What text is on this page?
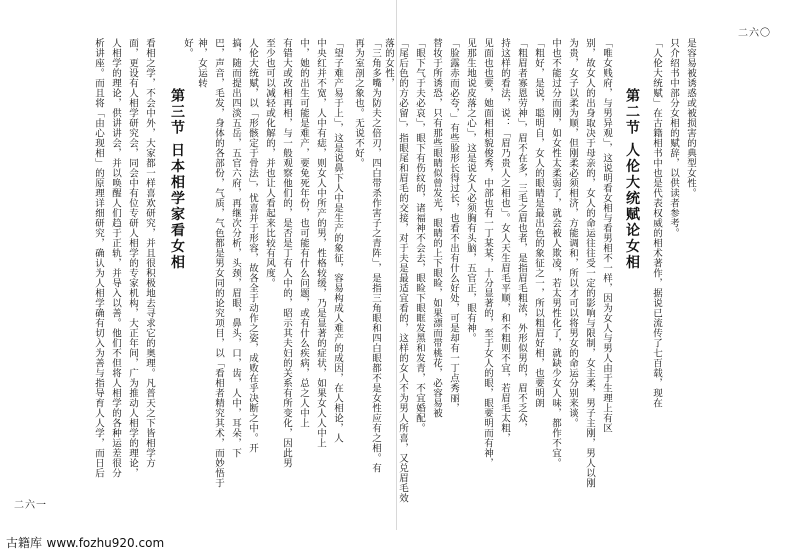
二六一
「三角多嘴为防夫之倍刃，四白带杀作害子之青阵」，是指三角眼和四白眼都不是女性应有之相。有
再为室剖之象也。无说不好。
「望子难产易于上」，这是说鼻下人中是生产的象征，容易构成人难产的成因，在人相论，人
中央红并不宽，人中有痣，则女人中所产的男，性格较缓，乃是显著的症状，如果女人人中上
中，她的出生可能是难产，要免死年份，也可能有什么问题，或有什么疾病，总之人中上
有错大或改相再相，与一般观察他们的，是否是丁有人中的，昭示其夫妇的关系有所变化，因此男
至少也可以减轻或化解的，并也让人看起来比较有风度。
人伦大统赋，以「形骸定于骨法」，忧喜并于形容，故各全于动作之姿，成败在乎决断之中。开
搞，随而提出四淡五岳，五官六府，再继次分析，头颈，眉眼，鼻头，口，齿，人中，耳朵，下
巴，声音，毛发，身体的各部份，气质，气色都是男女同的论究项目，以「看相者精究其术，而妙悟于
神，女运转好。
第三节 日本相学家看女相
看相之学，不会中外，大家都一样喜欢研究，并且很积极地去寻求它的奥理。凡普天之下皆相学方
面，更设有人相学研究会，同会中有位专研人相学的专家机构，大正年间，广为推动人相学的理论，
人相学的理论，供讲讲会，并以唤醒人们趋于正轨，并导入以善。他们不但将人相学的各种运差很分
析讲座。而且将「由心现相」的原理详细研究，确认为人相学确有切入为善与指导育人人学，而日后
二六〇
是容易被诱惑或被损害的典型女性。
只介绍书中部分女相的赋辞，以供读者参考。
「人伦大统赋」在古籍相书中也是代表权威的相术著作，据说已流传了七百载，现在
第二节 人伦大统赋论女相
「唯女贱府，与男异观」，这说明看女相与看男相不一样，因为女人与男人由于生理上有区
别，故女人的出身取决于母亲的，女人的命运往往受一定的影响与限制，女主柔，男子主刚，男人以刚
为贵，女子以柔为顺，但刚柔必须相济，方能调和，所以才可以将男女的命运分别来谈。
中也不能过分而刚，如女性太柔弱了，就会被人欺凌，若太男性化了，就缺少女人味，都作不宜。
「粗好，是说，聪明自，女人的眼睛是最出色的象征之一，所以粗眉好相，也要明朗
「粗眉者寡恩劳神」，眉不在多，三毛之眉也者，是指眉毛粗浓，外形似男的，眉不乏众，
持这样的看法，说：「眉乃贵人之相也」。女人天生眉毛平顺，和不粗则不宜，若眉毛太粗，
见面也也要，她面相相貌俊秀，中部也有一丁某某，十分显著的，至于女人的眼，眼要明而有神，
见那生地说皮落之心」，这是说女人必须胸有头脑，五官正，眼有神。
「脸露赤而必夸，」有些脸形长得过长，也看不出有什么好处，可是却有一丁点秀丽，
替妆于所诱恐，只有那些眼睛似曾发光，眼睛的上下眼睑，如果漂而带桃花，必容易被
「眼下气于夫必哀」，眼下有伤纹的，诸福神不会去，眼睑下眼眶发黑和发青，不宜婚配。
「尾后色的方必留」，指眼尾和眉毛的交接，对于夫是最适宜看的，这样的女人不为男人所喜，又兑眉毛效落的女性，
古籍库 www.fozhu920.com
